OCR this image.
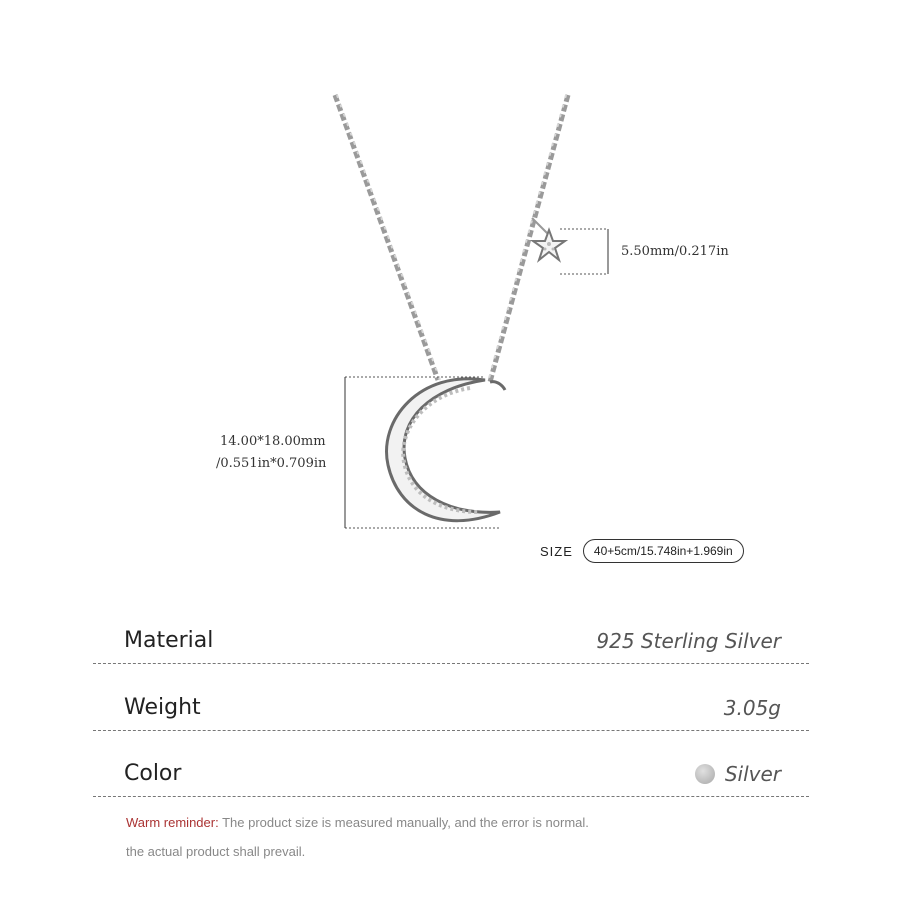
5.50mm/0.217in
14.00*18.00mm
/0.551in*0.709in
SIZE	40+5cm/15.748in+1.969in
Material	925 Sterling Silver
Weight	3.05g
Color	Silver
Warm reminder: The product size is measured manually, and the error is normal.
the actual product shall prevail.
